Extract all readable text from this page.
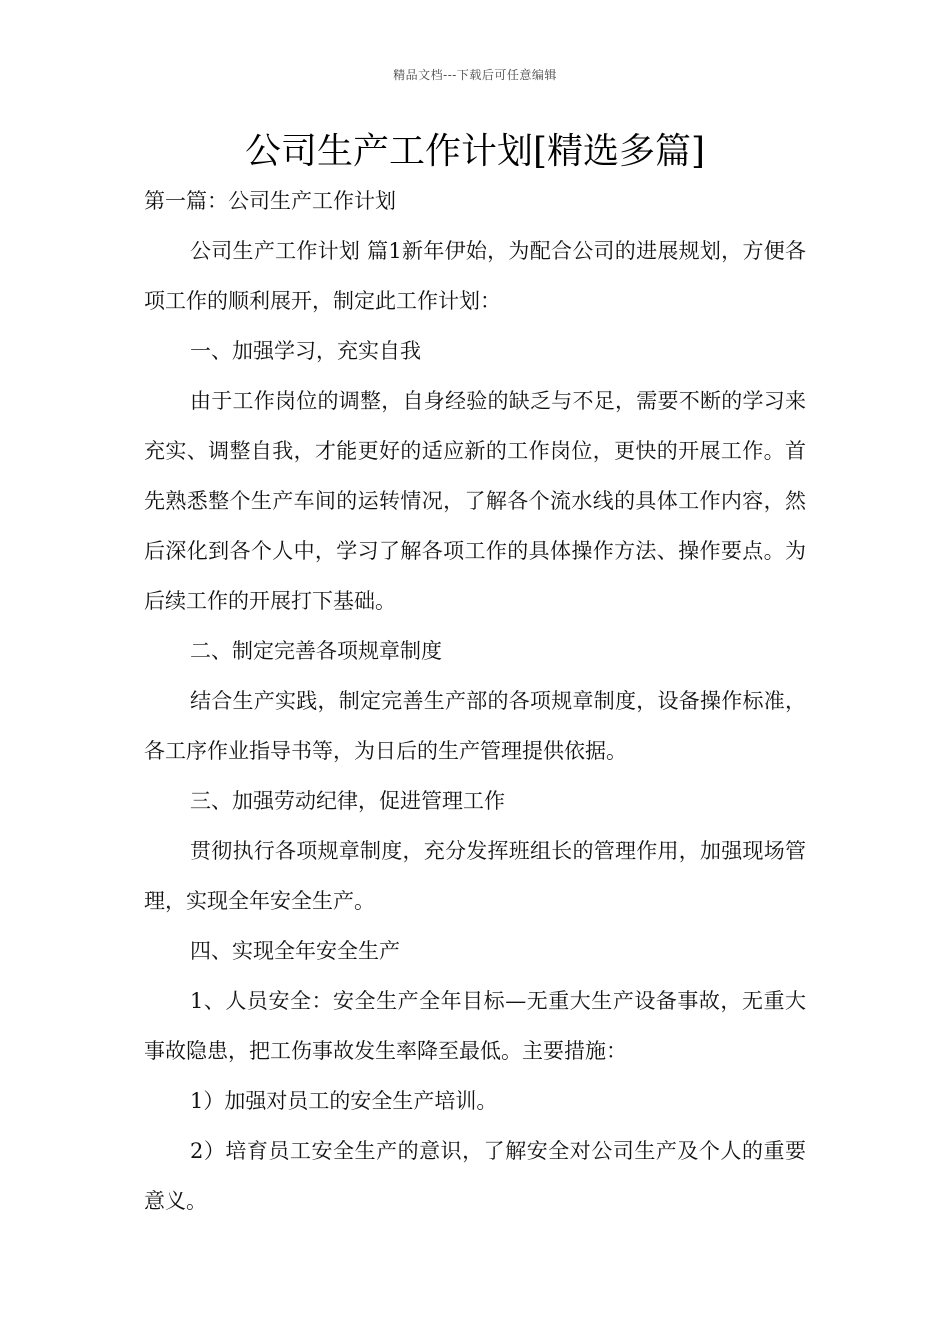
精品文档---下载后可任意编辑
公司生产工作计划[精选多篇]

第一篇：公司生产工作计划

公司生产工作计划 篇1新年伊始，为配合公司的进展规划，方便各项工作的顺利展开，制定此工作计划：

一、加强学习，充实自我

由于工作岗位的调整，自身经验的缺乏与不足，需要不断的学习来充实、调整自我，才能更好的适应新的工作岗位，更快的开展工作。首先熟悉整个生产车间的运转情况，了解各个流水线的具体工作内容，然后深化到各个人中，学习了解各项工作的具体操作方法、操作要点。为后续工作的开展打下基础。

二、制定完善各项规章制度

结合生产实践，制定完善生产部的各项规章制度，设备操作标准，各工序作业指导书等，为日后的生产管理提供依据。

三、加强劳动纪律，促进管理工作

贯彻执行各项规章制度，充分发挥班组长的管理作用，加强现场管理，实现全年安全生产。

四、实现全年安全生产

1、人员安全：安全生产全年目标—无重大生产设备事故，无重大事故隐患，把工伤事故发生率降至最低。主要措施：

1）加强对员工的安全生产培训。

2）培育员工安全生产的意识，了解安全对公司生产及个人的重要意义。
